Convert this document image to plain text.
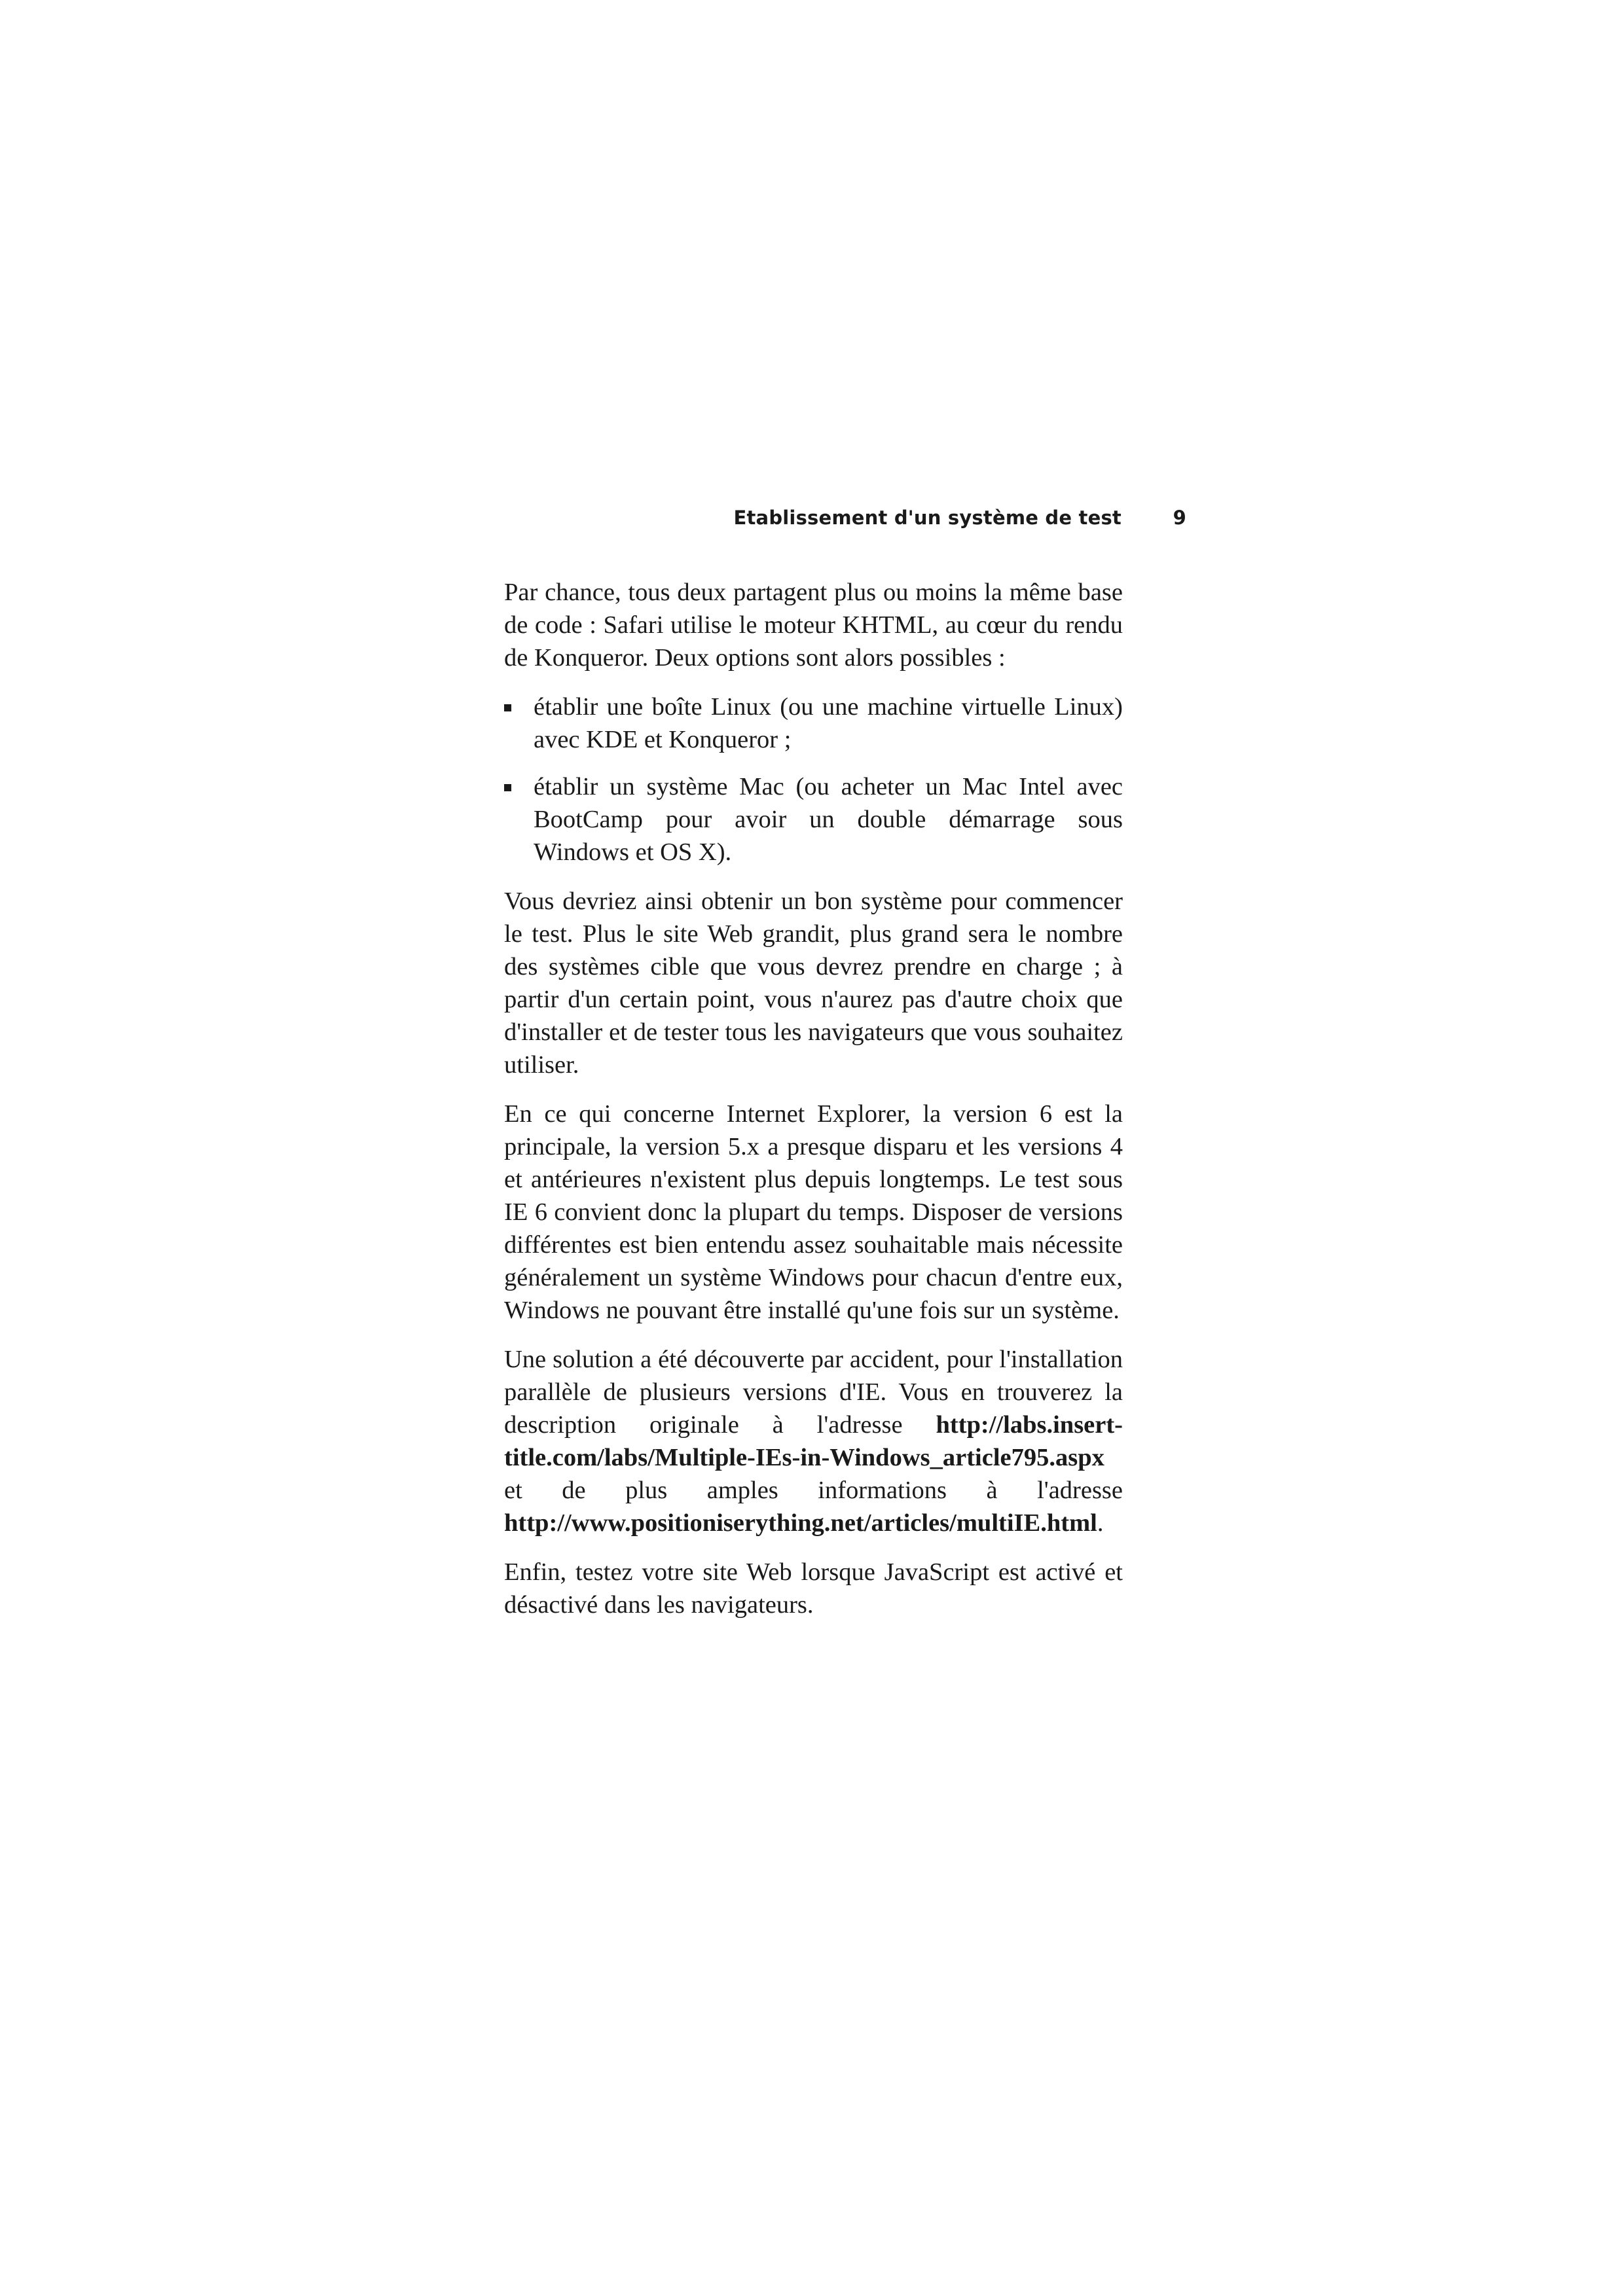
Etablissement d'un système de test	9

Par chance, tous deux partagent plus ou moins la même base de code : Safari utilise le moteur KHTML, au cœur du rendu de Konqueror. Deux options sont alors possibles :

établir une boîte Linux (ou une machine virtuelle Linux) avec KDE et Konqueror ;
établir un système Mac (ou acheter un Mac Intel avec BootCamp pour avoir un double démarrage sous Windows et OS X).

Vous devriez ainsi obtenir un bon système pour commencer le test. Plus le site Web grandit, plus grand sera le nombre des systèmes cible que vous devrez prendre en charge ; à partir d'un certain point, vous n'aurez pas d'autre choix que d'installer et de tester tous les navigateurs que vous souhaitez utiliser.

En ce qui concerne Internet Explorer, la version 6 est la principale, la version 5.x a presque disparu et les versions 4 et antérieures n'existent plus depuis longtemps. Le test sous IE 6 convient donc la plupart du temps. Disposer de versions différentes est bien entendu assez souhaitable mais nécessite généralement un système Windows pour chacun d'entre eux, Windows ne pouvant être installé qu'une fois sur un système.

Une solution a été découverte par accident, pour l'installation parallèle de plusieurs versions d'IE. Vous en trouverez la description originale à l'adresse http://labs.insert-title.com/labs/Multiple-IEs-in-Windows_article795.aspx et de plus amples informations à l'adresse http://www.positioniserything.net/articles/multiIE.html.

Enfin, testez votre site Web lorsque JavaScript est activé et désactivé dans les navigateurs.
